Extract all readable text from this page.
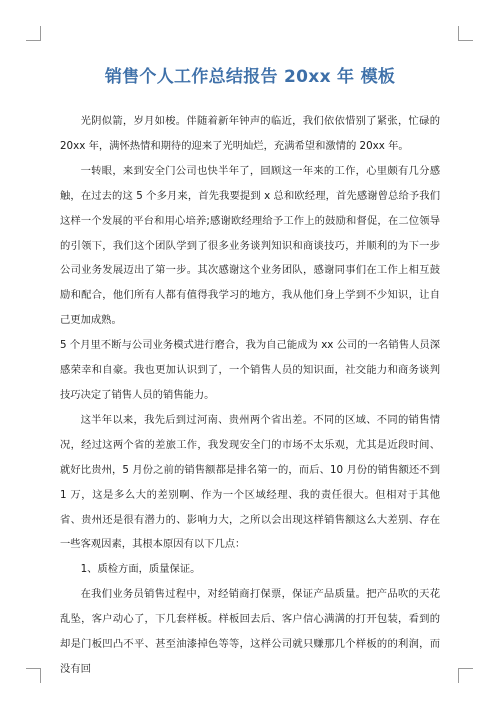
销售个人工作总结报告 20xx 年 模板

光阴似箭，岁月如梭。伴随着新年钟声的临近，我们依依惜别了紧张，忙碌的20xx 年，满怀热情和期待的迎来了光明灿烂，充满希望和激情的 20xx 年。

一转眼，来到安全门公司也快半年了，回顾这一年来的工作，心里颇有几分感触，在过去的这 5 个多月来，首先我要提到 x 总和欧经理，首先感谢曾总给予我们这样一个发展的平台和用心培养;感谢欧经理给予工作上的鼓励和督促，在二位领导的引领下，我们这个团队学到了很多业务谈判知识和商谈技巧，并顺利的为下一步公司业务发展迈出了第一步。其次感谢这个业务团队，感谢同事们在工作上相互鼓励和配合，他们所有人都有值得我学习的地方，我从他们身上学到不少知识，让自己更加成熟。

5 个月里不断与公司业务模式进行磨合，我为自己能成为 xx 公司的一名销售人员深感荣幸和自豪。我也更加认识到了，一个销售人员的知识面，社交能力和商务谈判技巧决定了销售人员的销售能力。

这半年以来，我先后到过河南、贵州两个省出差。不同的区域、不同的销售情况，经过这两个省的差旅工作，我发现安全门的市场不太乐观，尤其是近段时间、就好比贵州，5 月份之前的销售额都是排名第一的，而后、10 月份的销售额还不到 1 万，这是多么大的差别啊、作为一个区域经理、我的责任很大。但相对于其他省、贵州还是很有潜力的、影响力大，之所以会出现这样销售额这么大差别、存在一些客观因素，其根本原因有以下几点：

1、质检方面，质量保证。

在我们业务员销售过程中，对经销商打保票，保证产品质量。把产品吹的天花乱坠，客户动心了，下几套样板。样板回去后、客户信心满满的打开包装，看到的却是门板凹凸不平、甚至油漆掉色等等，这样公司就只赚那几个样板的的利润，而没有回
